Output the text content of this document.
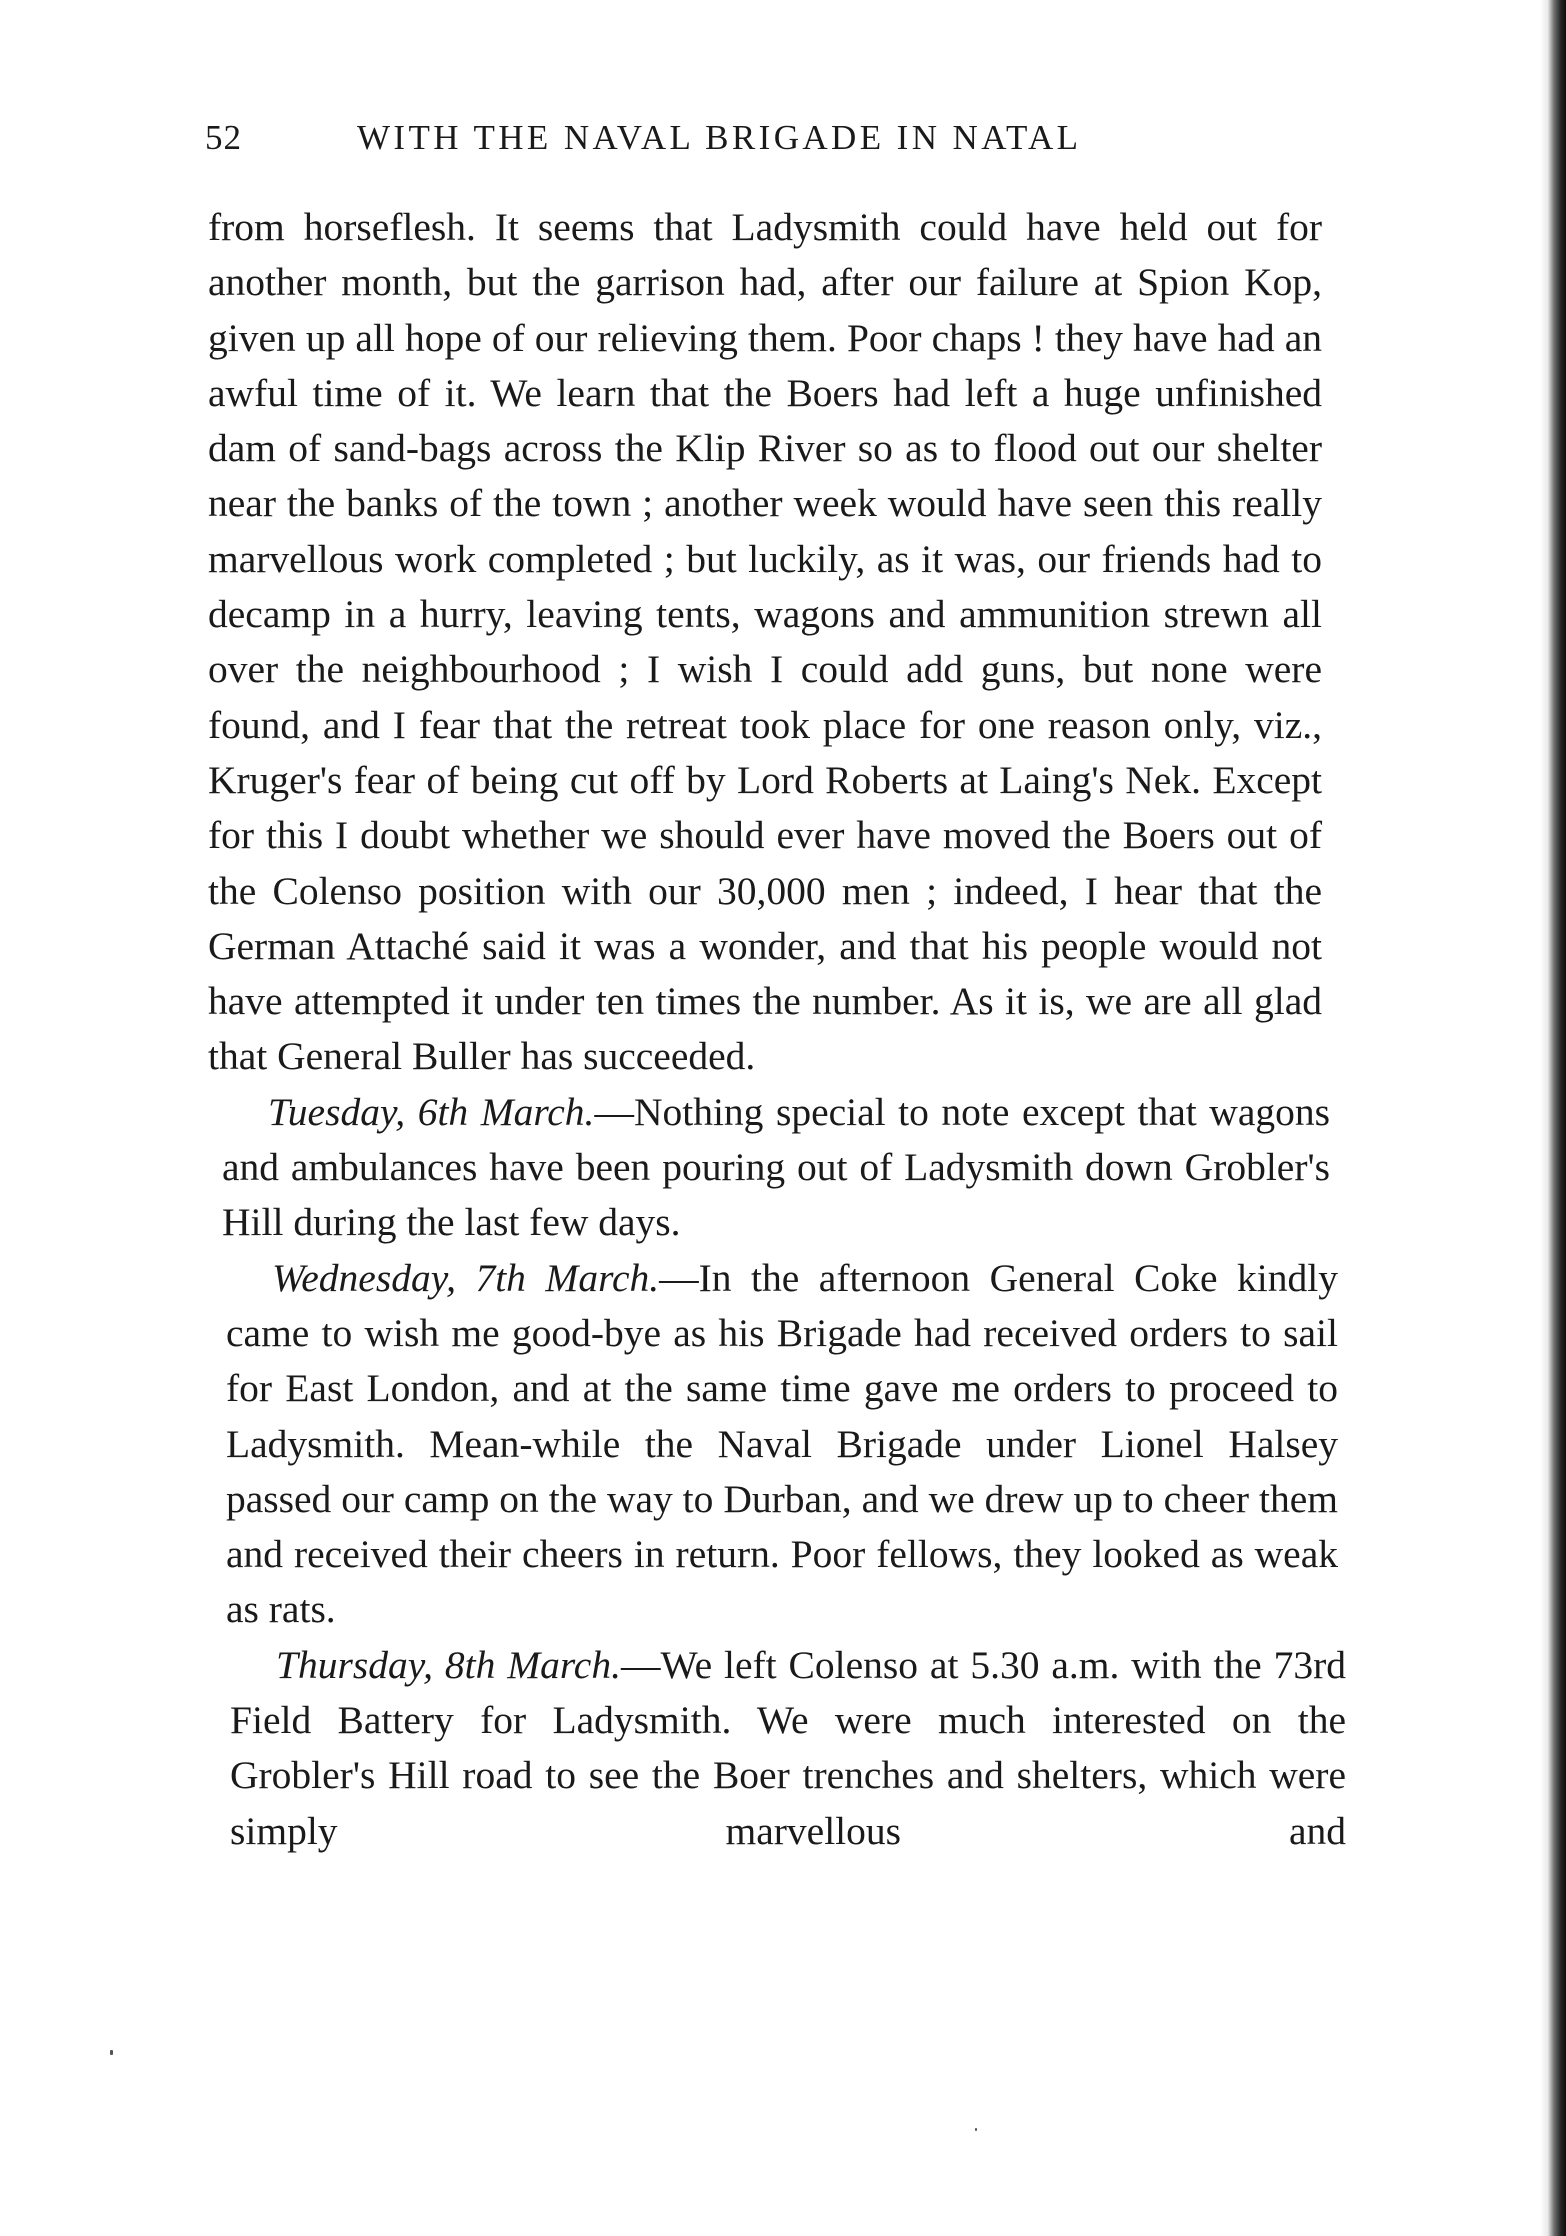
52	WITH THE NAVAL BRIGADE IN NATAL

from horseflesh. It seems that Ladysmith could have held out for another month, but the garrison had, after our failure at Spion Kop, given up all hope of our relieving them. Poor chaps ! they have had an awful time of it. We learn that the Boers had left a huge unfinished dam of sand-bags across the Klip River so as to flood out our shelter near the banks of the town ; another week would have seen this really marvellous work completed ; but luckily, as it was, our friends had to decamp in a hurry, leaving tents, wagons and ammunition strewn all over the neighbourhood ; I wish I could add guns, but none were found, and I fear that the retreat took place for one reason only, viz., Kruger's fear of being cut off by Lord Roberts at Laing's Nek. Except for this I doubt whether we should ever have moved the Boers out of the Colenso position with our 30,000 men ; indeed, I hear that the German Attaché said it was a wonder, and that his people would not have attempted it under ten times the number. As it is, we are all glad that General Buller has succeeded.

Tuesday, 6th March.—Nothing special to note except that wagons and ambulances have been pouring out of Ladysmith down Grobler's Hill during the last few days.

Wednesday, 7th March.—In the afternoon General Coke kindly came to wish me good-bye as his Brigade had received orders to sail for East London, and at the same time gave me orders to proceed to Ladysmith. Mean-while the Naval Brigade under Lionel Halsey passed our camp on the way to Durban, and we drew up to cheer them and received their cheers in return. Poor fellows, they looked as weak as rats.

Thursday, 8th March.—We left Colenso at 5.30 a.m. with the 73rd Field Battery for Ladysmith. We were much interested on the Grobler's Hill road to see the Boer trenches and shelters, which were simply marvellous and
